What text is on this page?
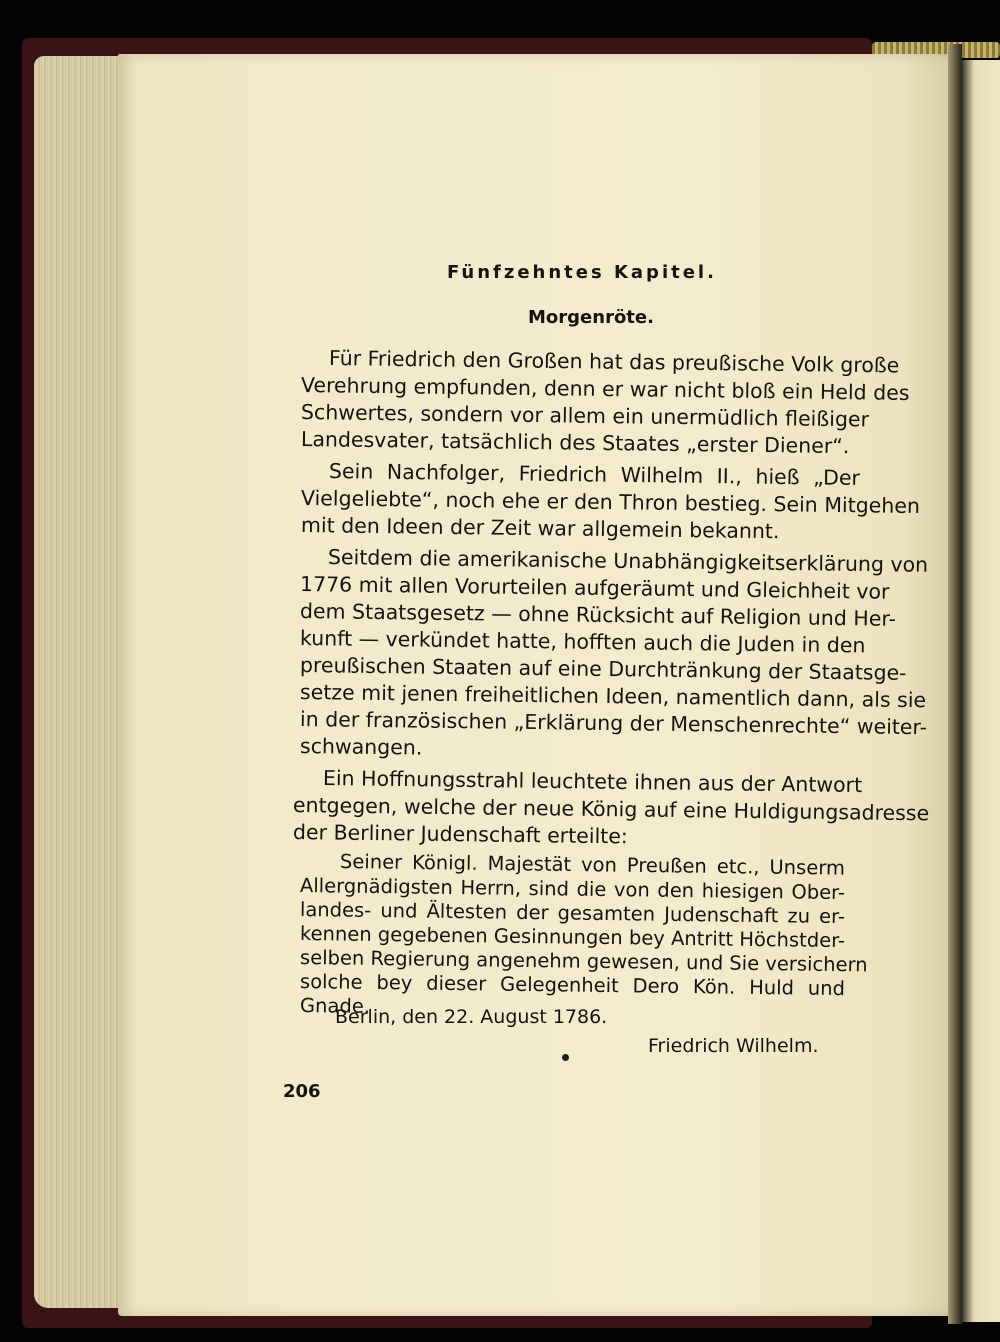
Fünfzehntes Kapitel.
Morgenröte.
Für Friedrich den Großen hat das preußische Volk große
Verehrung empfunden, denn er war nicht bloß ein Held des
Schwertes, sondern vor allem ein unermüdlich fleißiger
Landesvater, tatsächlich des Staates „erster Diener“.
Sein Nachfolger, Friedrich Wilhelm II., hieß „Der
Vielgeliebte“, noch ehe er den Thron bestieg. Sein Mitgehen
mit den Ideen der Zeit war allgemein bekannt.
Seitdem die amerikanische Unabhängigkeitserklärung von
1776 mit allen Vorurteilen aufgeräumt und Gleichheit vor
dem Staatsgesetz — ohne Rücksicht auf Religion und Her-
kunft — verkündet hatte, hofften auch die Juden in den
preußischen Staaten auf eine Durchtränkung der Staatsge-
setze mit jenen freiheitlichen Ideen, namentlich dann, als sie
in der französischen „Erklärung der Menschenrechte“ weiter-
schwangen.
Ein Hoffnungsstrahl leuchtete ihnen aus der Antwort
entgegen, welche der neue König auf eine Huldigungsadresse
der Berliner Judenschaft erteilte:
Seiner Königl. Majestät von Preußen etc., Unserm
Allergnädigsten Herrn, sind die von den hiesigen Ober-
landes- und Ältesten der gesamten Judenschaft zu er-
kennen gegebenen Gesinnungen bey Antritt Höchstder-
selben Regierung angenehm gewesen, und Sie versichern
solche bey dieser Gelegenheit Dero Kön. Huld und
Gnade.
Berlin, den 22. August 1786.
Friedrich Wilhelm.
206
